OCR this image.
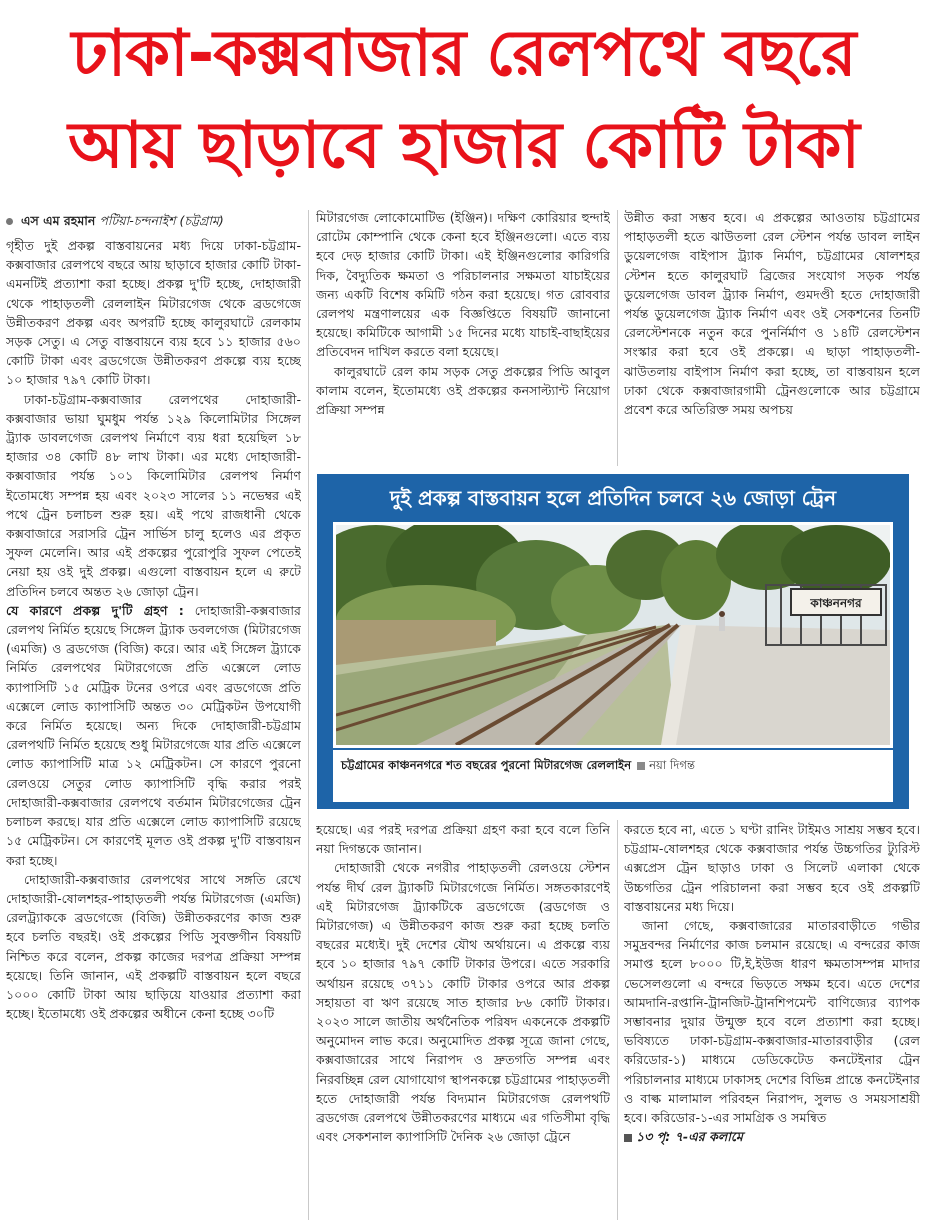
ঢাকা-কক্সবাজার রেলপথে বছরে
আয় ছাড়াবে হাজার কোটি টাকা
এস এম রহমান পটিয়া-চন্দনাইশ (চট্টগ্রাম)

গৃহীত দুই প্রকল্প বাস্তবায়নের মধ্য দিয়ে ঢাকা-চট্টগ্রাম-কক্সবাজার রেলপথে বছরে আয় ছাড়াবে হাজার কোটি টাকা- এমনটিই প্রত্যাশা করা হচ্ছে। প্রকল্প দু'টি হচ্ছে, দোহাজারী থেকে পাহাড়তলী রেললাইন মিটারগেজ থেকে ব্রডগেজে উন্নীতকরণ প্রকল্প এবং অপরটি হচ্ছে কালুরঘাটে রেলকাম সড়ক সেতু। এ সেতু বাস্তবায়নে ব্যয় হবে ১১ হাজার ৫৬০ কোটি টাকা এবং ব্রডগেজে উন্নীতকরণ প্রকল্পে ব্যয় হচ্ছে ১০ হাজার ৭৯৭ কোটি টাকা।

ঢাকা-চট্টগ্রাম-কক্সবাজার রেলপথের দোহাজারী-কক্সবাজার ভায়া ঘুমধুম পর্যন্ত ১২৯ কিলোমিটার সিঙ্গেল ট্র্যাক ডাবলগেজ রেলপথ নির্মাণে ব্যয় ধরা হয়েছিল ১৮ হাজার ৩৪ কোটি ৪৮ লাখ টাকা। এর মধ্যে দোহাজারী-কক্সবাজার পর্যন্ত ১০১ কিলোমিটার রেলপথ নির্মাণ ইতোমধ্যে সম্পন্ন হয় এবং ২০২৩ সালের ১১ নভেম্বর এই পথে ট্রেন চলাচল শুরু হয়। এই পথে রাজধানী থেকে কক্সবাজারে সরাসরি ট্রেন সার্ভিস চালু হলেও এর প্রকৃত সুফল মেলেনি। আর এই প্রকল্পের পুরোপুরি সুফল পেতেই নেয়া হয় ওই দুই প্রকল্প। এগুলো বাস্তবায়ন হলে এ রুটে প্রতিদিন চলবে অন্তত ২৬ জোড়া ট্রেন।

যে কারণে প্রকল্প দু'টি গ্রহণ : দোহাজারী-কক্সবাজার রেলপথ নির্মিত হয়েছে সিঙ্গেল ট্র্যাক ডবলগেজ (মিটারগেজ (এমজি) ও ব্রডগেজ (বিজি) করে। আর এই সিঙ্গেল ট্র্যাকে নির্মিত রেলপথের মিটারগেজে প্রতি এক্সেলে লোড ক্যাপাসিটি ১৫ মেট্রিক টনের ওপরে এবং ব্রডগেজে প্রতি এক্সেলে লোড ক্যাপাসিটি অন্তত ৩০ মেট্রিকটন উপযোগী করে নির্মিত হয়েছে। অন্য দিকে দোহাজারী-চট্টগ্রাম রেলপথটি নির্মিত হয়েছে শুধু মিটারগেজে যার প্রতি এক্সেলে লোড ক্যাপাসিটি মাত্র ১২ মেট্রিকটন। সে কারণে পুরনো রেলওয়ে সেতুর লোড ক্যাপাসিটি বৃদ্ধি করার পরই দোহাজারী-কক্সবাজার রেলপথে বর্তমান মিটারগেজের ট্রেন চলাচল করছে। যার প্রতি এক্সেলে লোড ক্যাপাসিটি রয়েছে ১৫ মেট্রিকটন। সে কারণেই মূলত ওই প্রকল্প দু'টি বাস্তবায়ন করা হচ্ছে।

দোহাজারী-কক্সবাজার রেলপথের সাথে সঙ্গতি রেখে দোহাজারী-ষোলশহর-পাহাড়তলী পর্যন্ত মিটারগেজ (এমজি) রেলট্র্যাককে ব্রডগেজে (বিজি) উন্নীতকরণের কাজ শুরু হবে চলতি বছরই। ওই প্রকল্পের পিডি সুবক্তগীন বিষয়টি নিশ্চিত করে বলেন, প্রকল্প কাজের দরপত্র প্রক্রিয়া সম্পন্ন হয়েছে। তিনি জানান, এই প্রকল্পটি বাস্তবায়ন হলে বছরে ১০০০ কোটি টাকা আয় ছাড়িয়ে যাওয়ার প্রত্যাশা করা হচ্ছে। ইতোমধ্যে ওই প্রকল্পের অধীনে কেনা হচ্ছে ৩০টি

মিটারগেজ লোকোমোটিভ (ইঞ্জিন)। দক্ষিণ কোরিয়ার হুন্দাই রোটেম কোম্পানি থেকে কেনা হবে ইঞ্জিনগুলো। এতে ব্যয় হবে দেড় হাজার কোটি টাকা। এই ইঞ্জিনগুলোর কারিগরি দিক, বৈদ্যুতিক ক্ষমতা ও পরিচালনার সক্ষমতা যাচাইয়ের জন্য একটি বিশেষ কমিটি গঠন করা হয়েছে। গত রোববার রেলপথ মন্ত্রণালয়ের এক বিজ্ঞপ্তিতে বিষয়টি জানানো হয়েছে। কমিটিকে আগামী ১৫ দিনের মধ্যে যাচাই-বাছাইয়ের প্রতিবেদন দাখিল করতে বলা হয়েছে।

কালুরঘাটে রেল কাম সড়ক সেতু প্রকল্পের পিডি আবুল কালাম বলেন, ইতোমধ্যে ওই প্রকল্পের কনসাল্ট্যান্ট নিয়োগ প্রক্রিয়া সম্পন্ন

উন্নীত করা সম্ভব হবে। এ প্রকল্পের আওতায় চট্টগ্রামের পাহাড়তলী হতে ঝাউতলা রেল স্টেশন পর্যন্ত ডাবল লাইন ডুয়েলগেজ বাইপাস ট্র্যাক নির্মাণ, চট্টগ্রামের ষোলশহর স্টেশন হতে কালুরঘাট ব্রিজের সংযোগ সড়ক পর্যন্ত ডুয়েলগেজ ডাবল ট্র্যাক নির্মাণ, গুমদণ্ডী হতে দোহাজারী পর্যন্ত ডুয়েলগেজ ট্র্যাক নির্মাণ এবং ওই সেকশনের তিনটি রেলস্টেশনকে নতুন করে পুনর্নির্মাণ ও ১৪টি রেলস্টেশন সংস্কার করা হবে ওই প্রকল্পে। এ ছাড়া পাহাড়তলী-ঝাউতলায় বাইপাস নির্মাণ করা হচ্ছে, তা বাস্তবায়ন হলে ঢাকা থেকে কক্সবাজারগামী ট্রেনগুলোকে আর চট্টগ্রামে প্রবেশ করে অতিরিক্ত সময় অপচয়

দুই প্রকল্প বাস্তবায়ন হলে প্রতিদিন চলবে ২৬ জোড়া ট্রেন
কাঞ্চননগর
চট্টগ্রামের কাঞ্চননগরে শত বছরের পুরনো মিটারগেজ রেললাইন নয়া দিগন্ত

হয়েছে। এর পরই দরপত্র প্রক্রিয়া গ্রহণ করা হবে বলে তিনি নয়া দিগন্তকে জানান।

দোহাজারী থেকে নগরীর পাহাড়তলী রেলওয়ে স্টেশন পর্যন্ত দীর্ঘ রেল ট্র্যাকটি মিটারগেজে নির্মিত। সঙ্গতকারণেই এই মিটারগেজ ট্র্যাকটিকে ব্রডগেজে (ব্রডগেজ ও মিটারগেজ) এ উন্নীতকরণ কাজ শুরু করা হচ্ছে চলতি বছরের মধ্যেই। দুই দেশের যৌথ অর্থায়নে। এ প্রকল্পে ব্যয় হবে ১০ হাজার ৭৯৭ কোটি টাকার উপরে। এতে সরকারি অর্থায়ন রয়েছে ৩৭১১ কোটি টাকার ওপরে আর প্রকল্প সহায়তা বা ঋণ রয়েছে সাত হাজার ৮৬ কোটি টাকার। ২০২৩ সালে জাতীয় অর্থনৈতিক পরিষদ একনেকে প্রকল্পটি অনুমোদন লাভ করে। অনুমোদিত প্রকল্প সূত্রে জানা গেছে, কক্সবাজারের সাথে নিরাপদ ও দ্রুতগতি সম্পন্ন এবং নিরবচ্ছিন্ন রেল যোগাযোগ স্থাপনকল্পে চট্টগ্রামের পাহাড়তলী হতে দোহাজারী পর্যন্ত বিদ্যমান মিটারগেজ রেলপথটি ব্রডগেজ রেলপথে উন্নীতকরণের মাধ্যমে এর গতিসীমা বৃদ্ধি এবং সেকশনাল ক্যাপাসিটি দৈনিক ২৬ জোড়া ট্রেনে

করতে হবে না, এতে ১ ঘণ্টা রানিং টাইমও সাশ্রয় সম্ভব হবে। চট্টগ্রাম-ষোলশহর থেকে কক্সবাজার পর্যন্ত উচ্চগতির ট্যুরিস্ট এক্সপ্রেস ট্রেন ছাড়াও ঢাকা ও সিলেট এলাকা থেকে উচ্চগতির ট্রেন পরিচালনা করা সম্ভব হবে ওই প্রকল্পটি বাস্তবায়নের মধ্য দিয়ে।

জানা গেছে, কক্সবাজারের মাতারবাড়ীতে গভীর সমুদ্রবন্দর নির্মাণের কাজ চলমান রয়েছে। এ বন্দরের কাজ সমাপ্ত হলে ৮০০০ টি,ই,ইউজ ধারণ ক্ষমতাসম্পন্ন মাদার ভেসেলগুলো এ বন্দরে ভিড়তে সক্ষম হবে। এতে দেশের আমদানি-রপ্তানি-ট্রানজিট-ট্রানশিপমেন্ট বাণিজ্যের ব্যাপক সম্ভাবনার দুয়ার উন্মুক্ত হবে বলে প্রত্যাশা করা হচ্ছে। ভবিষ্যতে ঢাকা-চট্টগ্রাম-কক্সবাজার-মাতারবাড়ীর (রেল করিডোর-১) মাধ্যমে ডেডিকেটেড কনটেইনার ট্রেন পরিচালনার মাধ্যমে ঢাকাসহ দেশের বিভিন্ন প্রান্তে কনটেইনার ও বাল্ক মালামাল পরিবহন নিরাপদ, সুলভ ও সময়সাশ্রয়ী হবে। করিডোর-১-এর সামগ্রিক ও সমন্বিত

১৩ পৃ: ৭-এর কলামে
